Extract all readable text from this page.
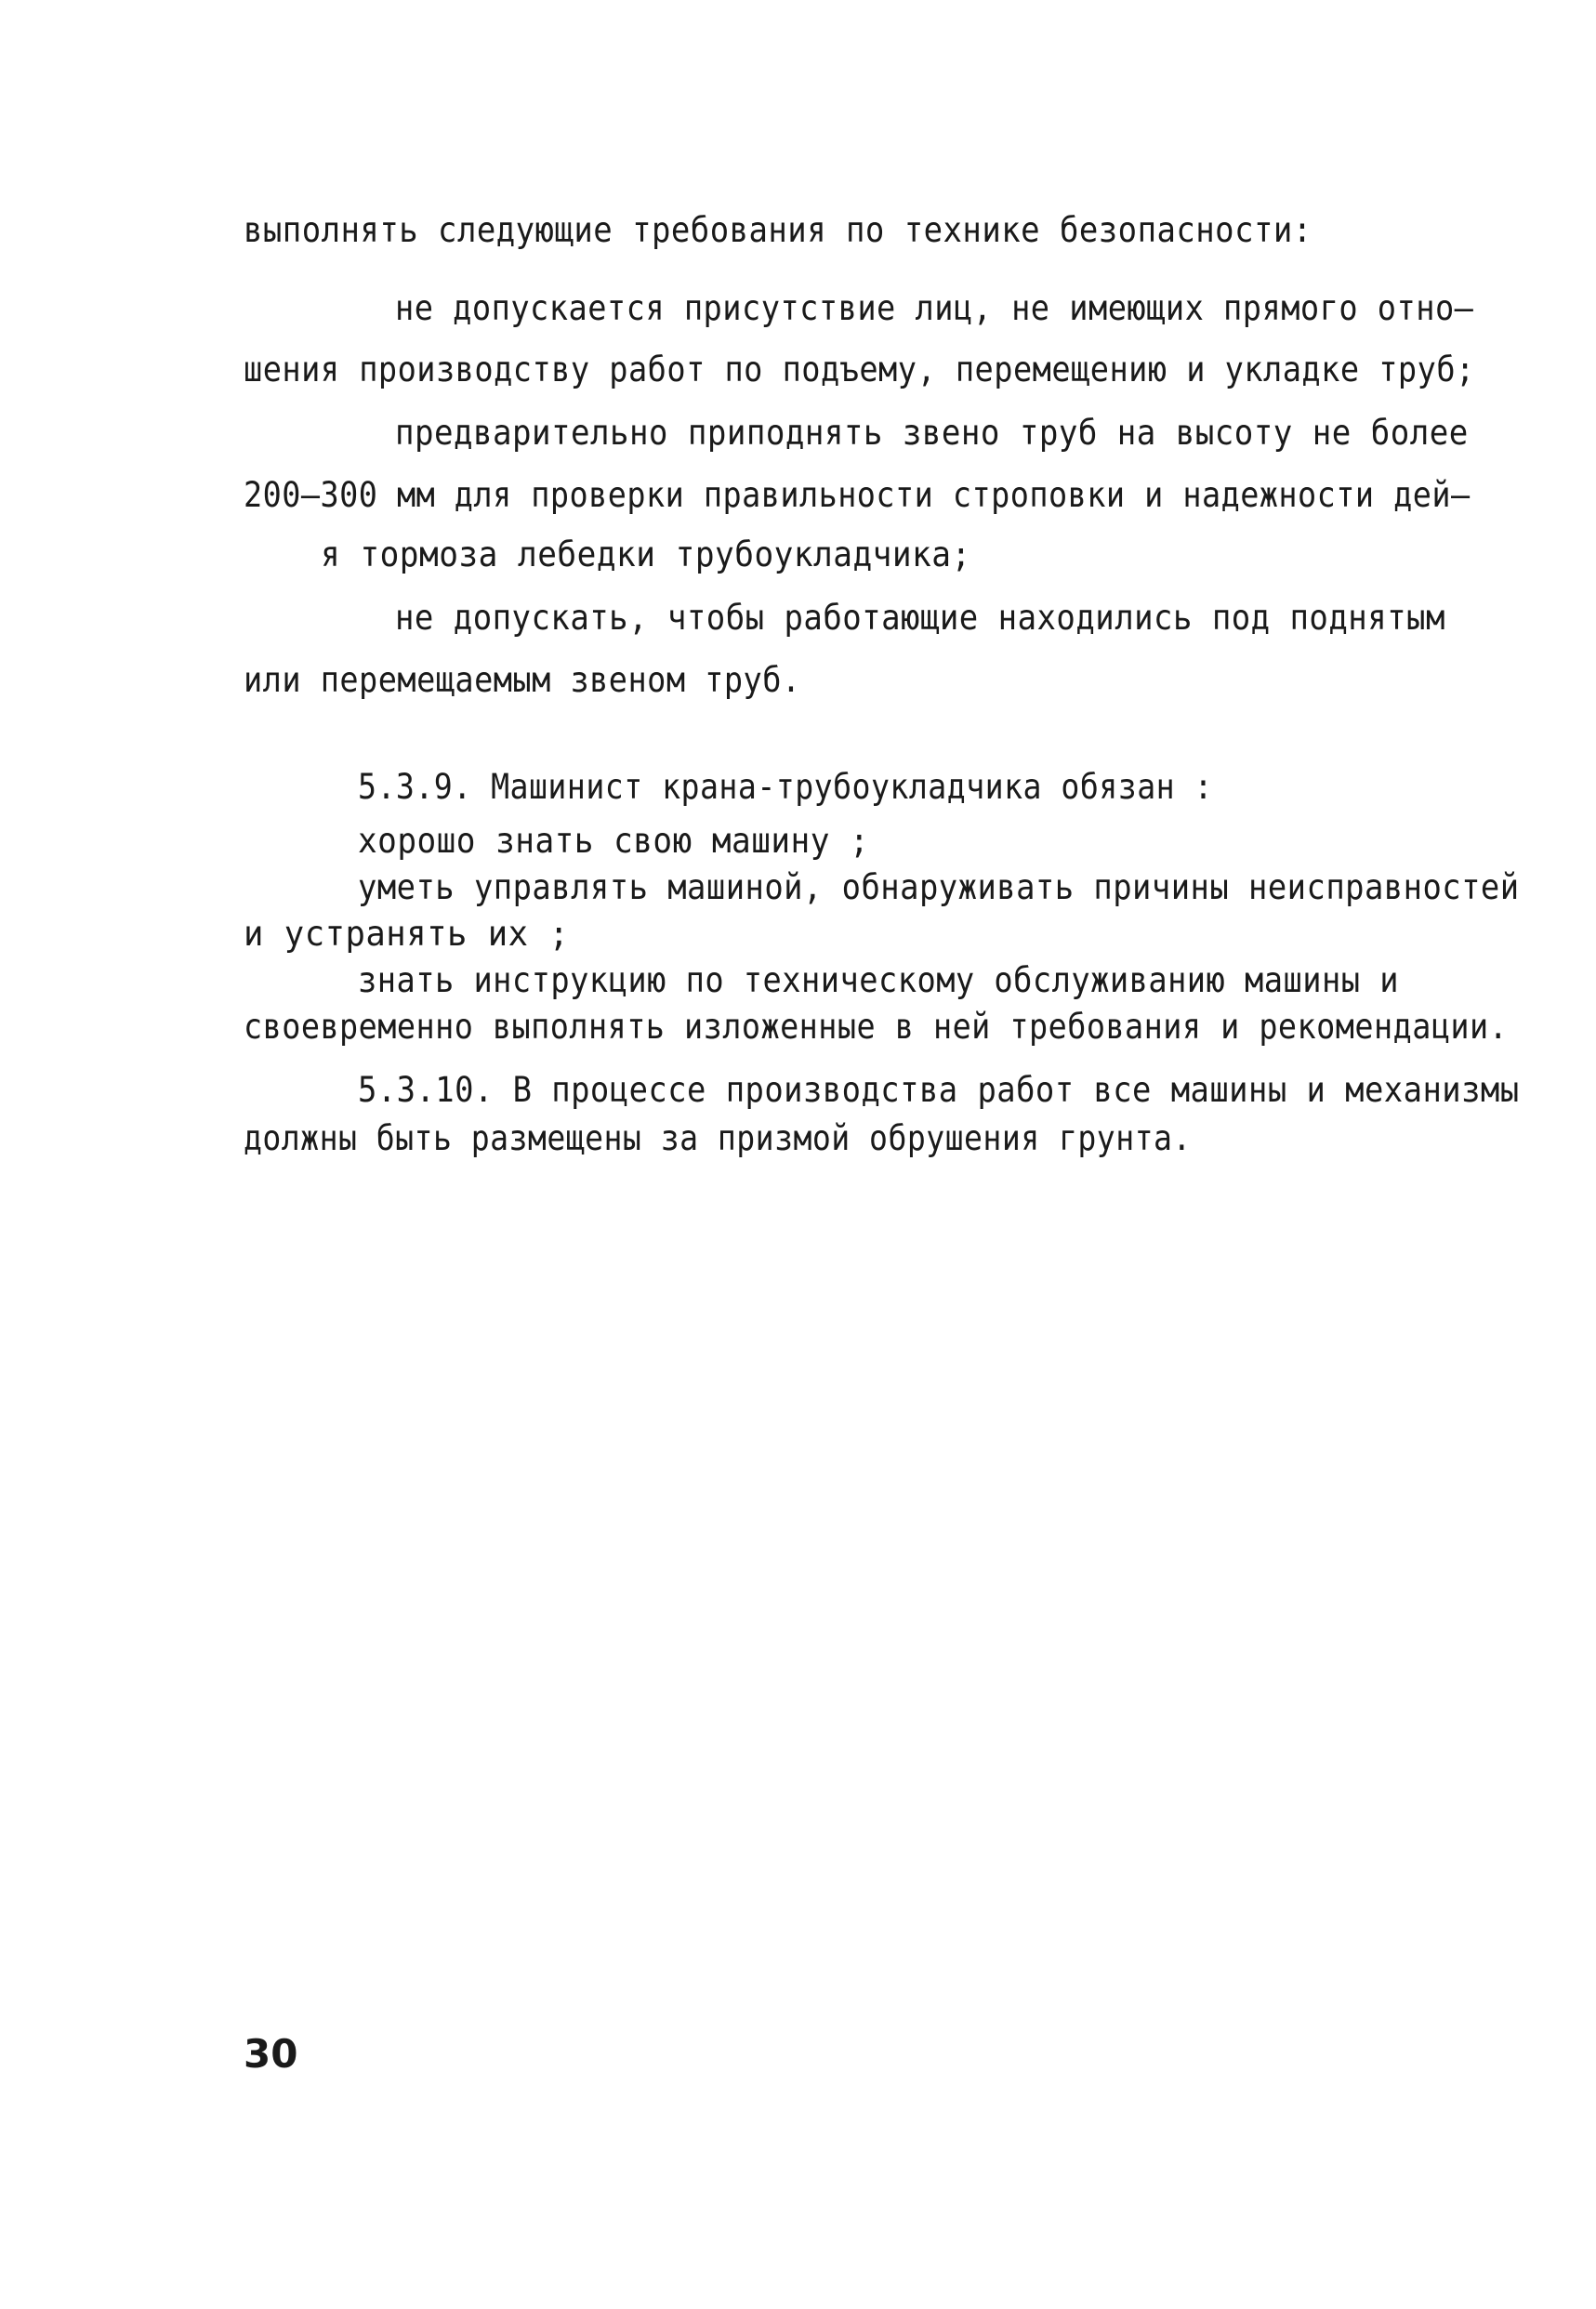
выполнять следующие требования по технике безопасности:
не допускается присутствие лиц, не имеющих прямого отно–
шения производству работ по подъему, перемещению и укладке труб;
предварительно приподнять звено труб на высоту не более
200–300 мм для проверки правильности строповки и надежности дей–
я тормоза лебедки трубоукладчика;
не допускать, чтобы работающие находились под поднятым
или перемещаемым звеном труб.
5.3.9. Машинист крана-трубоукладчика обязан :
хорошо знать свою машину ;
уметь управлять машиной, обнаруживать причины неисправностей
и устранять их ;
знать инструкцию по техническому обслуживанию машины и
своевременно выполнять изложенные в ней требования и рекомендации.
5.3.10. В процессе производства работ все машины и механизмы
должны быть размещены за призмой обрушения грунта.
30
